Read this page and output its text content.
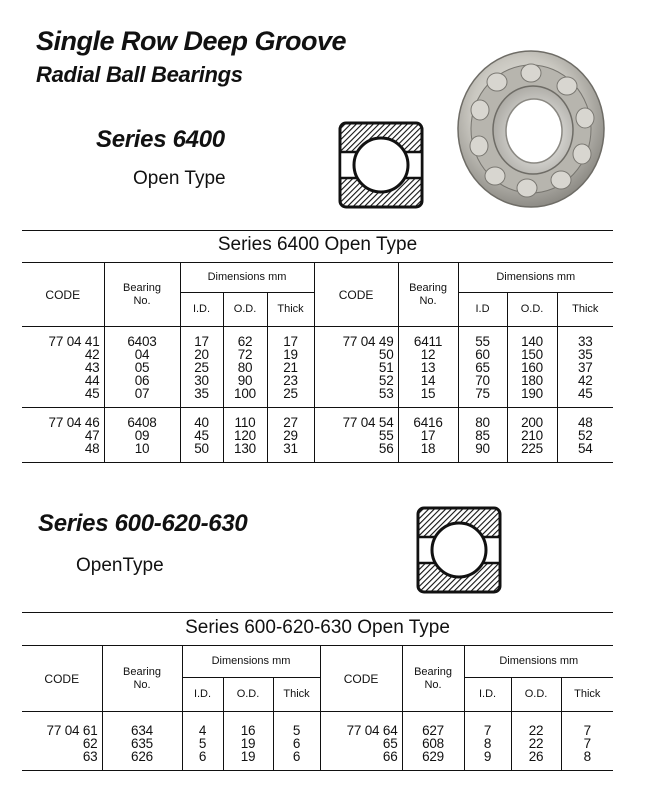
Single Row Deep Groove
Radial Ball Bearings
Series 6400
Open Type
Series 6400 Open Type
CODE	Bearing No.	Dimensions mm			CODE	Bearing No.	Dimensions mm		
		I.D.	O.D.	Thick			I.D	O.D.	Thick
77 04 41	6403	17	62	17	77 04 49	6411	55	140	33
42	04	20	72	19	50	12	60	150	35
43	05	25	80	21	51	13	65	160	37
44	06	30	90	23	52	14	70	180	42
45	07	35	100	25	53	15	75	190	45
77 04 46	6408	40	110	27	77 04 54	6416	80	200	48
47	09	45	120	29	55	17	85	210	52
48	10	50	130	31	56	18	90	225	54
Series 600-620-630
OpenType
Series 600-620-630 Open Type
CODE	Bearing No.	Dimensions mm			CODE	Bearing No.	Dimensions mm		
		I.D.	O.D.	Thick			I.D.	O.D.	Thick
77 04 61	634	4	16	5	77 04 64	627	7	22	7
62	635	5	19	6	65	608	8	22	7
63	626	6	19	6	66	629	9	26	8
